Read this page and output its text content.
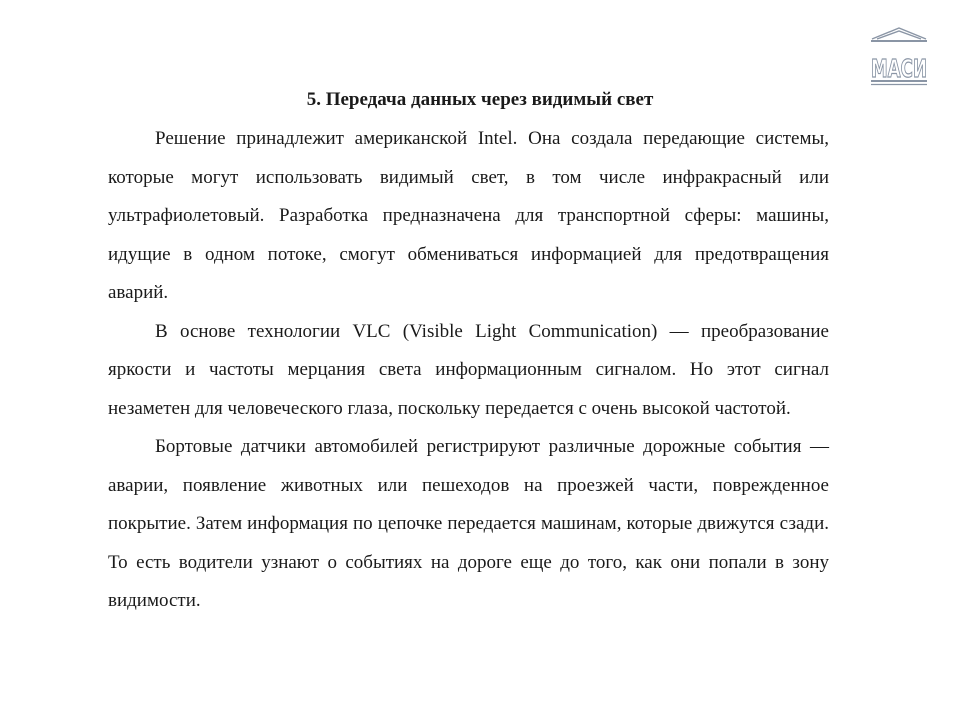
МАСИ
5. Передача данных через видимый свет

Решение принадлежит американской Intel. Она создала передающие системы, которые могут использовать видимый свет, в том числе инфракрасный или ультрафиолетовый. Разработка предназначена для транспортной сферы: машины, идущие в одном потоке, смогут обмениваться информацией для предотвращения аварий.

В основе технологии VLC (Visible Light Communication) — преобразование яркости и частоты мерцания света информационным сигналом. Но этот сигнал незаметен для человеческого глаза, поскольку передается с очень высокой частотой.

Бортовые датчики автомобилей регистрируют различные дорожные события — аварии, появление животных или пешеходов на проезжей части, поврежденное покрытие. Затем информация по цепочке передается машинам, которые движутся сзади. То есть водители узнают о событиях на дороге еще до того, как они попали в зону видимости.
